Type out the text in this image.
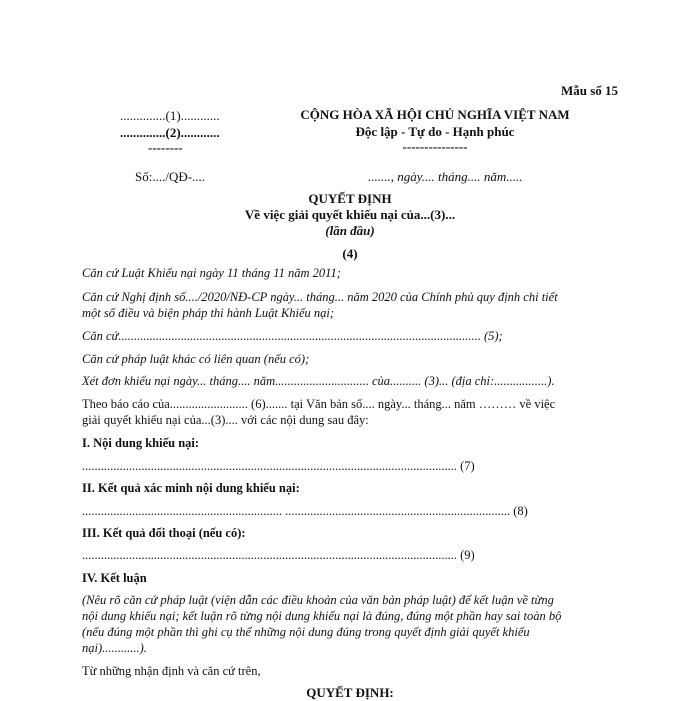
Mẫu số 15
..............(1)............
..............(2)............
--------
CỘNG HÒA XÃ HỘI CHỦ NGHĨA VIỆT NAM
Độc lập - Tự do - Hạnh phúc
---------------
Số:..../QĐ-....	......., ngày.... tháng.... năm.....
QUYẾT ĐỊNH
Về việc giải quyết khiếu nại của...(3)...
(lần đầu)
(4)
Căn cứ Luật Khiếu nại ngày 11 tháng 11 năm 2011;
Căn cứ Nghị định số..../2020/NĐ-CP ngày... tháng... năm 2020 của Chính phủ quy định chi tiết
một số điều và biện pháp thi hành Luật Khiếu nại;
Căn cứ.................................................................................................................... (5);
Căn cứ pháp luật khác có liên quan (nếu có);
Xét đơn khiếu nại ngày... tháng.... năm.............................. của.......... (3)... (địa chỉ:.................).
Theo báo cáo của......................... (6)....... tại Văn bản số.... ngày... tháng... năm ……… về việc
giải quyết khiếu nại của...(3).... với các nội dung sau đây:
I. Nội dung khiếu nại:
........................................................................................................................ (7)
II. Kết quả xác minh nội dung khiếu nại:
................................................................ ........................................................................ (8)
III. Kết quả đối thoại (nếu có):
........................................................................................................................ (9)
IV. Kết luận
(Nêu rõ căn cứ pháp luật (viện dẫn các điều khoản của văn bản pháp luật) để kết luận về từng
nội dung khiếu nại; kết luận rõ từng nội dung khiếu nại là đúng, đúng một phần hay sai toàn bộ
(nếu đúng một phần thì ghi cụ thể những nội dung đúng trong quyết định giải quyết khiếu
nại)............).
Từ những nhận định và căn cứ trên,
QUYẾT ĐỊNH:
